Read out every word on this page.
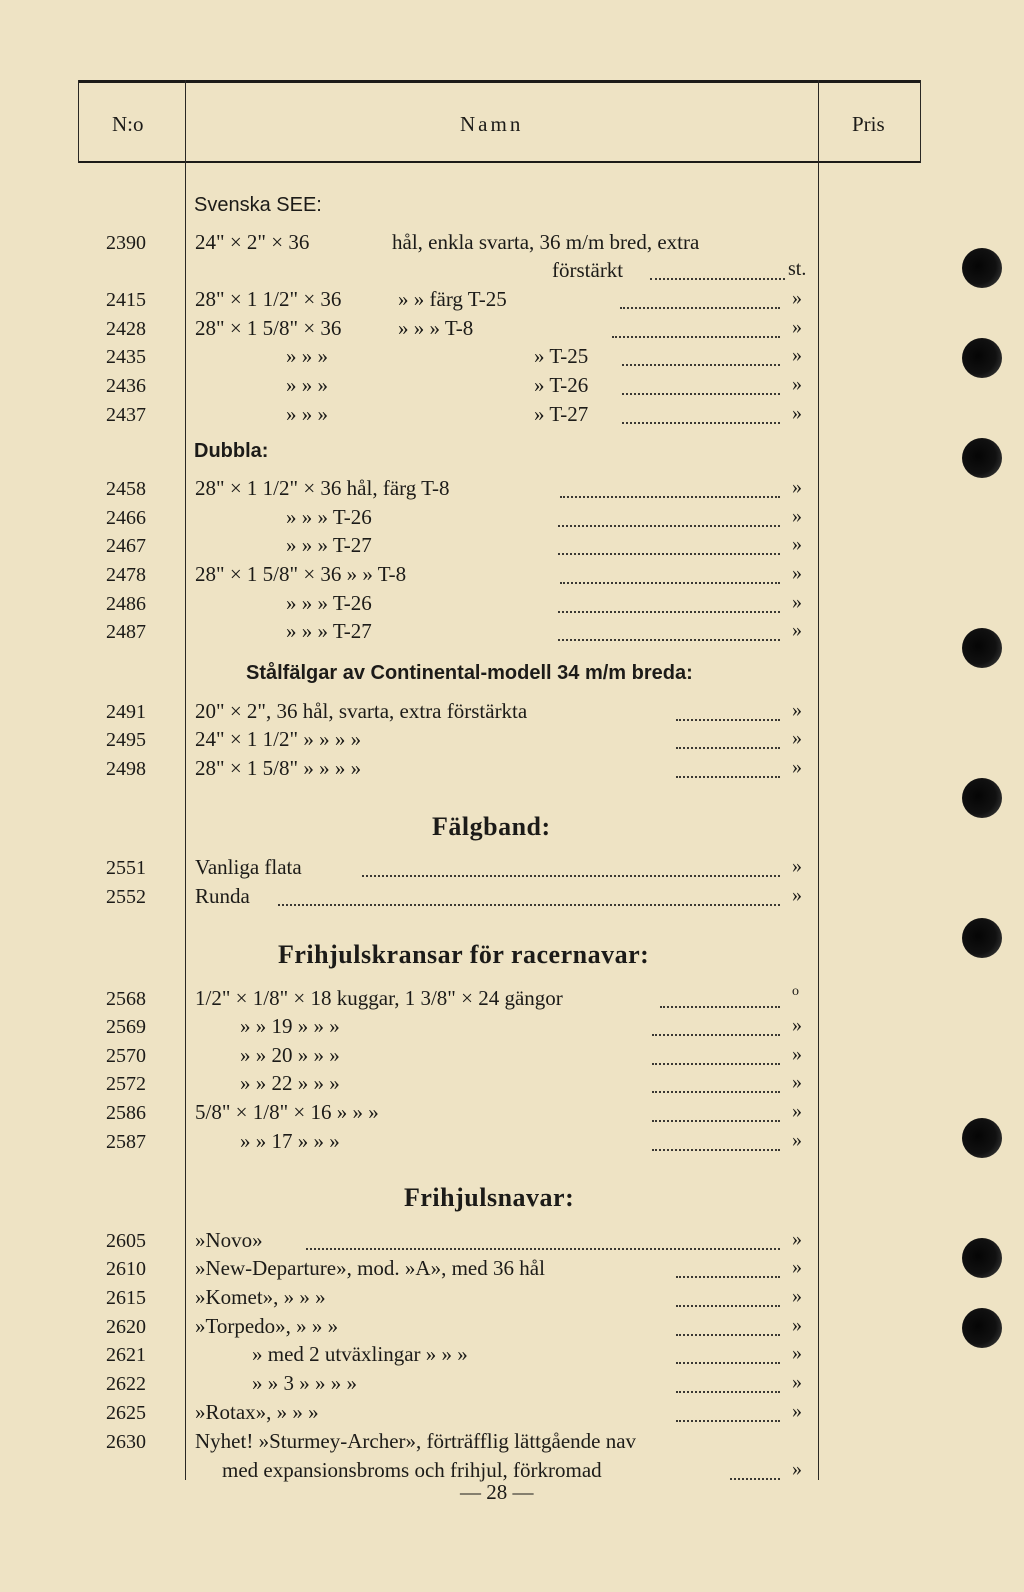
N:o	Namn	Pris
Svenska SEE:
2390	24" × 2" × 36	hål, enkla svarta, 36 m/m bred, extra
förstärkt	st.
2415	28" × 1 1/2" × 36	» » färg T-25	»
2428	28" × 1 5/8" × 36	» » » T-8	»
2435	» » »	» T-25	»
2436	» » »	» T-26	»
2437	» » »	» T-27	»
Dubbla:
2458	28" × 1 1/2" × 36 hål, färg T-8	»
2466	» » » T-26	»
2467	» » » T-27	»
2478	28" × 1 5/8" × 36 » » T-8	»
2486	» » » T-26	»
2487	» » » T-27	»
Stålfälgar av Continental-modell 34 m/m breda:
2491	20" × 2", 36 hål, svarta, extra förstärkta	»
2495	24" × 1 1/2" » » » »	»
2498	28" × 1 5/8" » » » »	»
Fälgband:
2551	Vanliga flata	»
2552	Runda	»
Frihjulskransar för racernavar:
2568	1/2" × 1/8" × 18 kuggar, 1 3/8" × 24 gängor	o
2569	» » 19 » » »	»
2570	» » 20 » » »	»
2572	» » 22 » » »	»
2586	5/8" × 1/8" × 16 » » »	»
2587	» » 17 » » »	»
Frihjulsnavar:
2605	»Novo»	»
2610	»New-Departure», mod. »A», med 36 hål	»
2615	»Komet», » » »	»
2620	»Torpedo», » » »	»
2621	» med 2 utväxlingar » » »	»
2622	» » 3 » » » »	»
2625	»Rotax», » » »	»
2630	Nyhet! »Sturmey-Archer», förträfflig lättgående nav
med expansionsbroms och frihjul, förkromad	»
— 28 —
